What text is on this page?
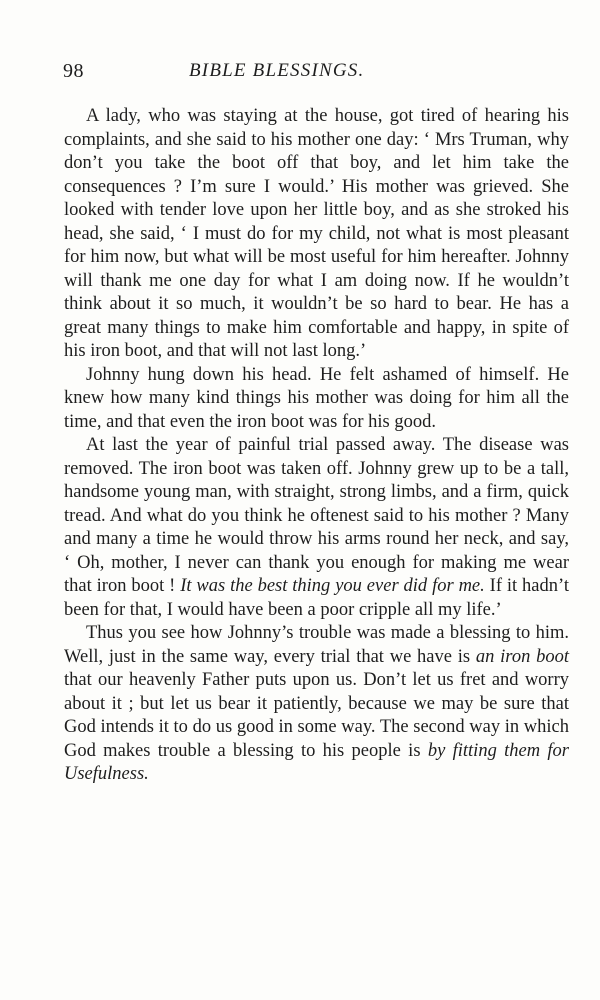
98	BIBLE BLESSINGS.

A lady, who was staying at the house, got tired of hearing his complaints, and she said to his mother one day: ‘ Mrs Truman, why don’t you take the boot off that boy, and let him take the consequences ? I’m sure I would.’ His mother was grieved. She looked with tender love upon her little boy, and as she stroked his head, she said, ‘ I must do for my child, not what is most pleasant for him now, but what will be most useful for him hereafter. Johnny will thank me one day for what I am doing now. If he wouldn’t think about it so much, it wouldn’t be so hard to bear. He has a great many things to make him comfortable and happy, in spite of his iron boot, and that will not last long.’

Johnny hung down his head. He felt ashamed of himself. He knew how many kind things his mother was doing for him all the time, and that even the iron boot was for his good.

At last the year of painful trial passed away. The disease was removed. The iron boot was taken off. Johnny grew up to be a tall, handsome young man, with straight, strong limbs, and a firm, quick tread. And what do you think he oftenest said to his mother ? Many and many a time he would throw his arms round her neck, and say, ‘ Oh, mother, I never can thank you enough for making me wear that iron boot ! It was the best thing you ever did for me. If it hadn’t been for that, I would have been a poor cripple all my life.’

Thus you see how Johnny’s trouble was made a blessing to him. Well, just in the same way, every trial that we have is an iron boot that our heavenly Father puts upon us. Don’t let us fret and worry about it ; but let us bear it patiently, because we may be sure that God intends it to do us good in some way. The second way in which God makes trouble a blessing to his people is by fitting them for Usefulness.
